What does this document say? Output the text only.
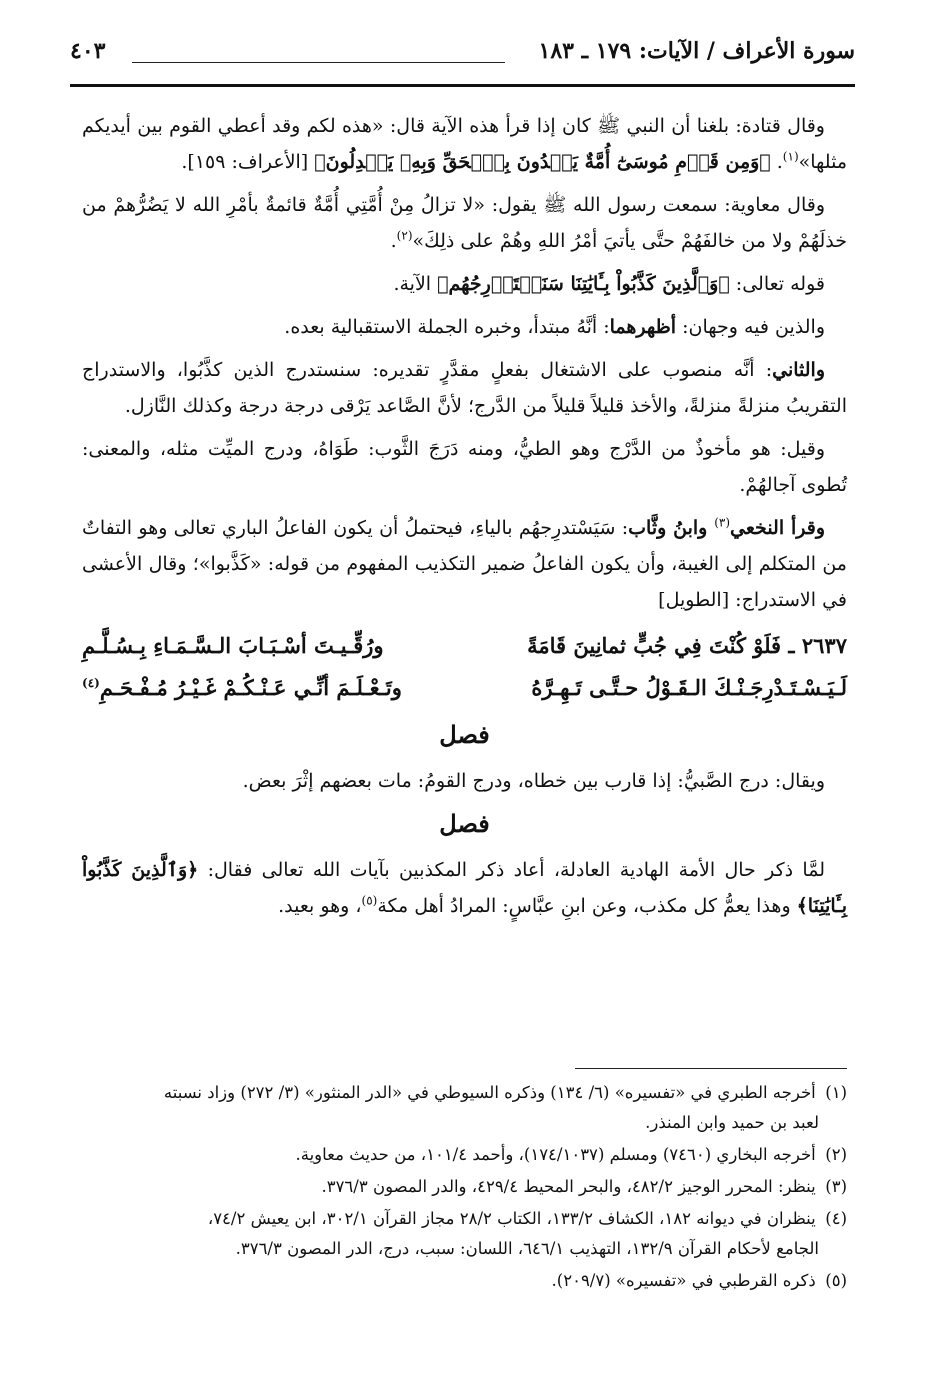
سورة الأعراف / الآيات: ١٧٩ ـ ١٨٣
٤٠٣

وقال قتادة: بلغنا أن النبي ﷺ كان إذا قرأ هذه الآية قال: «هذه لكم وقد أعطي القوم بين أيديكم مثلها»$^{(١)}$. ﴿وَمِن قَوۡمِ مُوسَىٰٓ أُمَّةٌ يَهۡدُونَ بِٱلۡحَقِّ وَبِهِۦ يَعۡدِلُونَ﴾ [الأعراف: ١٥٩].

وقال معاوية: سمعت رسول الله ﷺ يقول: «لا تزالُ مِنْ أُمَّتِي أُمَّةٌ قائمةٌ بأمْرِ الله لا يَضُرُّهمْ من خذلَهُمْ ولا من خالفَهُمْ حتَّى يأتيَ أمْرُ اللهِ وهُمْ على ذلِكَ»$^{(٢)}$.

قوله تعالى: ﴿وَٱلَّذِينَ كَذَّبُواْ بِـَٔايَٰتِنَا سَنَسۡتَدۡرِجُهُم﴾ الآية.

والذين فيه وجهان: أظهرهما: أنَّهُ مبتدأ، وخبره الجملة الاستقبالية بعده.

والثاني: أنَّه منصوب على الاشتغال بفعلٍ مقدَّرٍ تقديره: سنستدرج الذين كذَّبُوا، والاستدراج التقريبُ منزلةً منزلةً، والأخذ قليلاً قليلاً من الدَّرج؛ لأنَّ الصَّاعد يَرْقى درجة درجة وكذلك النَّازل.

وقيل: هو مأخوذٌ من الدَّرْج وهو الطيُّ، ومنه دَرَجَ الثَّوب: طَوَاهُ، ودرج الميِّت مثله، والمعنى: تُطوى آجالهُمْ.

وقرأ النخعي$^{(٣)}$ وابنُ وثَّاب: سَيَسْتدرِجهُم بالياءِ، فيحتملُ أن يكون الفاعلُ الباري تعالى وهو التفاتٌ من المتكلم إلى الغيبة، وأن يكون الفاعلُ ضمير التكذيب المفهوم من قوله: «كَذَّبوا»؛ وقال الأعشى في الاستدراج: [الطويل]

٢٦٣٧ ـ فَلَوْ كُنْتَ فِي جُبٍّ ثمانِينَ قَامَةً
ورُقِّـيـتَ أسْـبَـابَ الـسَّـمَـاءِ بِـسُـلَّـمِ
لَـيَـسْـتَـدْرِجَـنْـكَ الـقَـوْلُ حـتَّـى تَـهِـرَّهُ
وتَـعْـلَـمَ أنِّـي عَـنْـكُـمْ غَـيْـرُ مُـفْـحَـمِ$^{(٤)}$
فصل

ويقال: درج الصَّبيُّ: إذا قارب بين خطاه، ودرج القومُ: مات بعضهم إثْرَ بعض.

فصل

لمَّا ذكر حال الأمة الهادية العادلة، أعاد ذكر المكذبين بآيات الله تعالى فقال: ﴿وَٱلَّذِينَ كَذَّبُواْ بِـَٔايَٰتِنَا﴾ وهذا يعمُّ كل مكذب، وعن ابنِ عبَّاسٍ: المرادُ أهل مكة$^{(٥)}$، وهو بعيد.

(١) أخرجه الطبري في «تفسيره» (٦/ ١٣٤) وذكره السيوطي في «الدر المنثور» (٣/ ٢٧٢) وزاد نسبته
لعبد بن حميد وابن المنذر.
(٢) أخرجه البخاري (٧٤٦٠) ومسلم (١٧٤/١٠٣٧)، وأحمد ١٠١/٤، من حديث معاوية.
(٣) ينظر: المحرر الوجيز ٤٨٢/٢، والبحر المحيط ٤٢٩/٤، والدر المصون ٣٧٦/٣.
(٤) ينظران في ديوانه ١٨٢، الكشاف ١٣٣/٢، الكتاب ٢٨/٢ مجاز القرآن ٣٠٢/١، ابن يعيش ٧٤/٢،
الجامع لأحكام القرآن ١٣٢/٩، التهذيب ٦٤٦/١، اللسان: سبب، درج، الدر المصون ٣٧٦/٣.
(٥) ذكره القرطبي في «تفسيره» (٢٠٩/٧).
